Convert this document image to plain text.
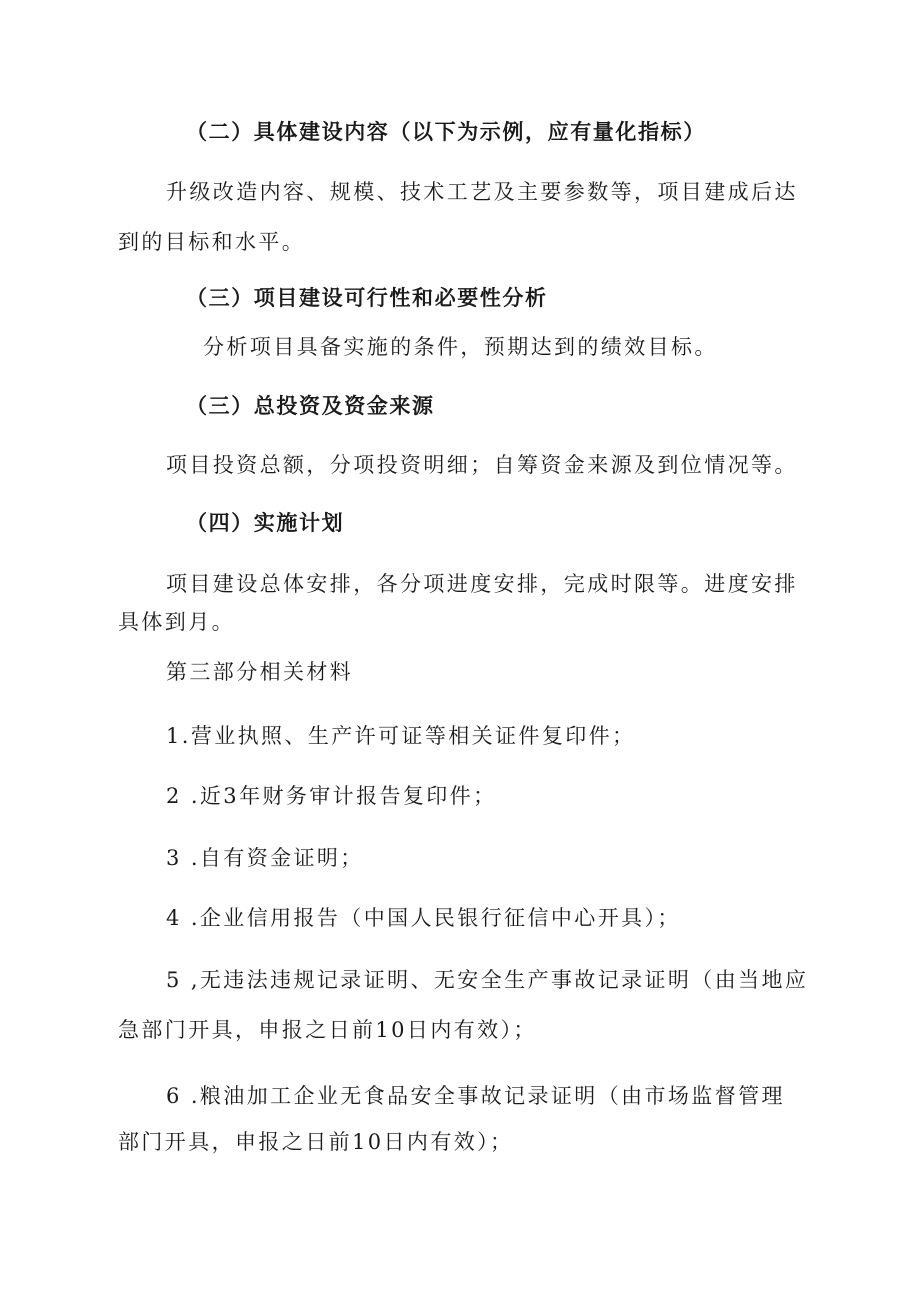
（二）具体建设内容（以下为示例，应有量化指标）
升级改造内容、规模、技术工艺及主要参数等，项目建成后达
到的目标和水平。
（三）项目建设可行性和必要性分析
分析项目具备实施的条件，预期达到的绩效目标。
（三）总投资及资金来源
项目投资总额，分项投资明细；自筹资金来源及到位情况等。
（四）实施计划
项目建设总体安排，各分项进度安排，完成时限等。进度安排
具体到月。
第三部分相关材料
1.营业执照、生产许可证等相关证件复印件；
2 .近3年财务审计报告复印件；
3 .自有资金证明；
4 .企业信用报告（中国人民银行征信中心开具）；
5 ,无违法违规记录证明、无安全生产事故记录证明（由当地应
急部门开具，申报之日前10日内有效）；
6 .粮油加工企业无食品安全事故记录证明（由市场监督管理
部门开具，申报之日前10日内有效）；
